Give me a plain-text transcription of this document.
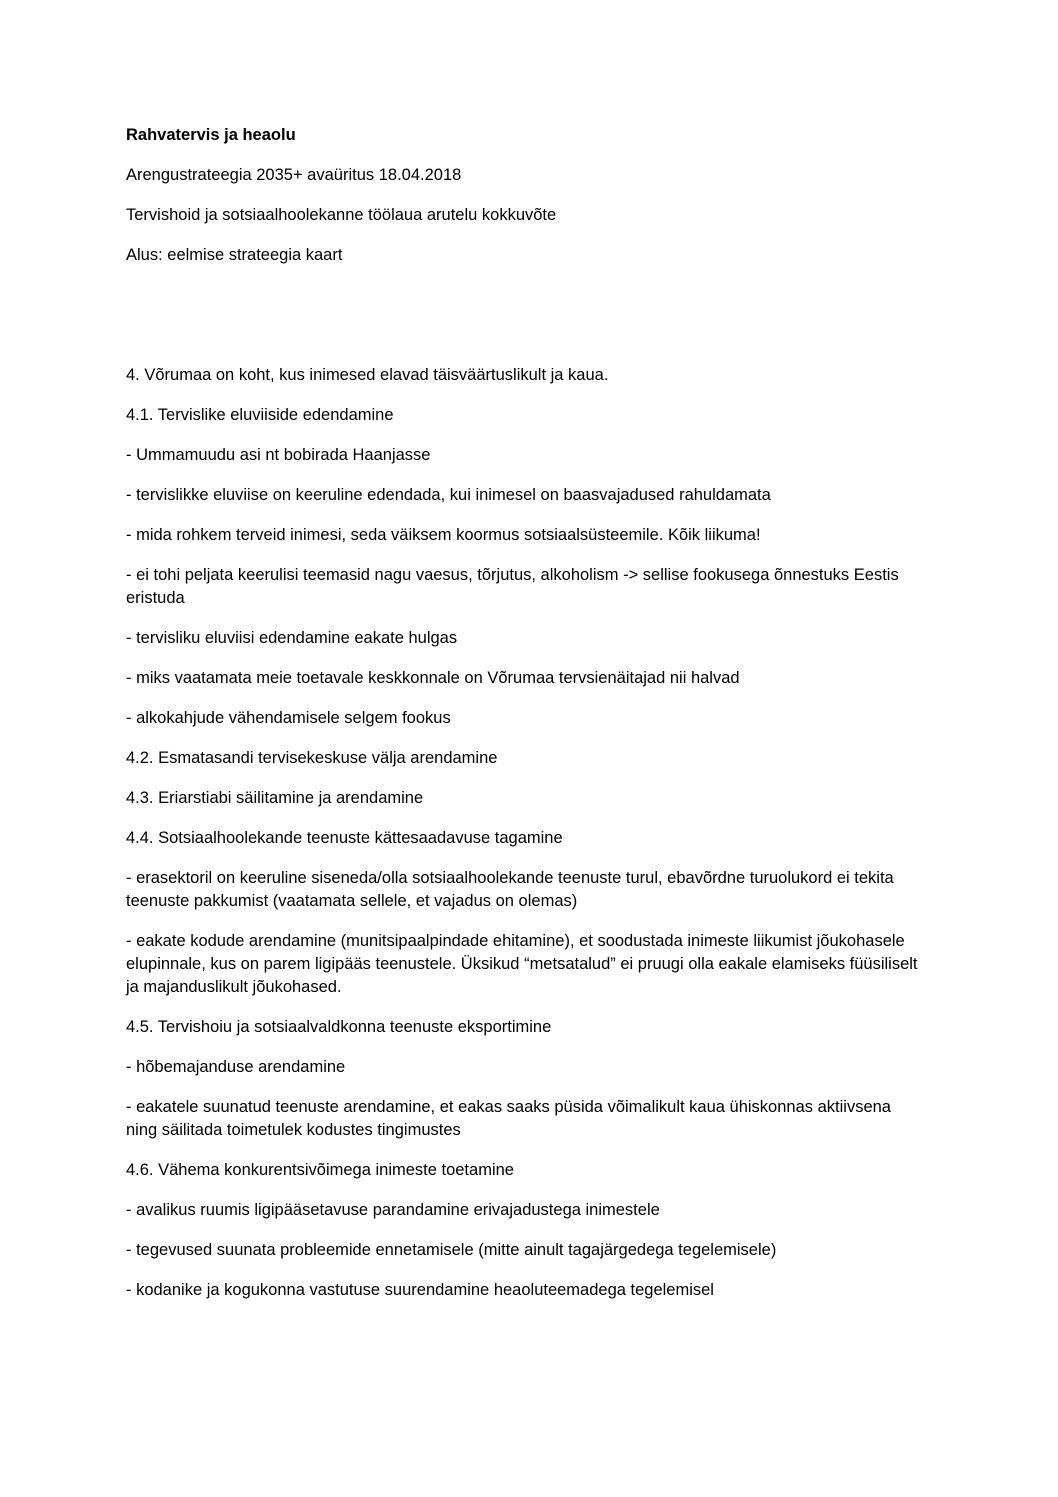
Rahvatervis ja heaolu

Arengustrateegia 2035+ avaüritus 18.04.2018

Tervishoid ja sotsiaalhoolekanne töölaua arutelu kokkuvõte

Alus: eelmise strateegia kaart

4. Võrumaa on koht, kus inimesed elavad täisväärtuslikult ja kaua.

4.1. Tervislike eluviiside edendamine

- Ummamuudu asi nt bobirada Haanjasse

- tervislikke eluviise on keeruline edendada, kui inimesel on baasvajadused rahuldamata

- mida rohkem terveid inimesi, seda väiksem koormus sotsiaalsüsteemile. Kõik liikuma!

- ei tohi peljata keerulisi teemasid nagu vaesus, tõrjutus, alkoholism -> sellise fookusega õnnestuks Eestis eristuda

- tervisliku eluviisi edendamine eakate hulgas

- miks vaatamata meie toetavale keskkonnale on Võrumaa tervsienäitajad nii halvad

- alkokahjude vähendamisele selgem fookus

4.2. Esmatasandi tervisekeskuse välja arendamine

4.3. Eriarstiabi säilitamine ja arendamine

4.4. Sotsiaalhoolekande teenuste kättesaadavuse tagamine

- erasektoril on keeruline siseneda/olla sotsiaalhoolekande teenuste turul, ebavõrdne turuolukord ei tekita teenuste pakkumist (vaatamata sellele, et vajadus on olemas)

- eakate kodude arendamine (munitsipaalpindade ehitamine), et soodustada inimeste liikumist jõukohasele elupinnale, kus on parem ligipääs teenustele. Üksikud “metsatalud” ei pruugi olla eakale elamiseks füüsiliselt ja majanduslikult jõukohased.

4.5. Tervishoiu ja sotsiaalvaldkonna teenuste eksportimine

- hõbemajanduse arendamine

- eakatele suunatud teenuste arendamine, et eakas saaks püsida võimalikult kaua ühiskonnas aktiivsena ning säilitada toimetulek kodustes tingimustes

4.6. Vähema konkurentsivõimega inimeste toetamine

- avalikus ruumis ligipääsetavuse parandamine erivajadustega inimestele

- tegevused suunata probleemide ennetamisele (mitte ainult tagajärgedega tegelemisele)

- kodanike ja kogukonna vastutuse suurendamine heaoluteemadega tegelemisel
